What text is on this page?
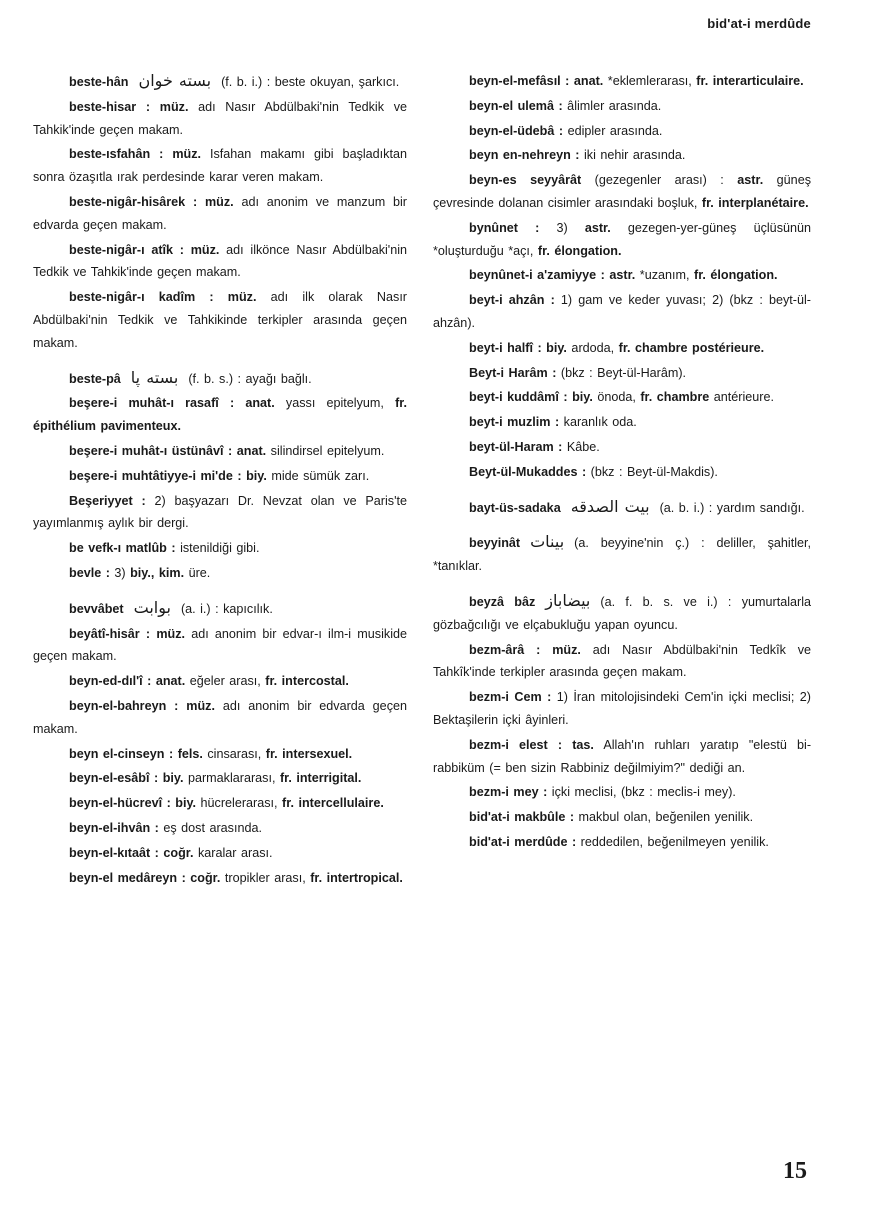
bid'at-i merdûde

beste-hân بسته خوان (f. b. i.) : beste okuyan, şarkıcı.

beste-hisar : müz. adı Nasır Abdülbaki'nin Tedkik ve Tahkik'inde geçen makam.

beste-ısfahân : müz. Isfahan makamı gibi başladıktan sonra özaşıtla ırak perdesinde karar veren makam.

beste-nigâr-hisârek : müz. adı anonim ve manzum bir edvarda geçen makam.

beste-nigâr-ı atîk : müz. adı ilkönce Nasır Abdülbaki'nin Tedkik ve Tahkik'inde geçen makam.

beste-nigâr-ı kadîm : müz. adı ilk olarak Nasır Abdülbaki'nin Tedkik ve Tahkikinde terkipler arasında geçen makam.

beste-pâ بسته پا (f. b. s.) : ayağı bağlı.

beşere-i muhât-ı rasafî : anat. yassı epitelyum, fr. épithélium pavimenteux.

beşere-i muhât-ı üstünâvî : anat. silindirsel epitelyum.

beşere-i muhtâtiyye-i mi'de : biy. mide sümük zarı.

Beşeriyyet : 2) başyazarı Dr. Nevzat olan ve Paris'te yayımlanmış aylık bir dergi.

be vefk-ı matlûb : istenildiği gibi.

bevle : 3) biy., kim. üre.

bevvâbet بوابت (a. i.) : kapıcılık.

beyâtî-hisâr : müz. adı anonim bir edvar-ı ilm-i musikide geçen makam.

beyn-ed-dıl'î : anat. eğeler arası, fr. intercostal.

beyn-el-bahreyn : müz. adı anonim bir edvarda geçen makam.

beyn el-cinseyn : fels. cinsarası, fr. intersexuel.

beyn-el-esâbî : biy. parmaklararası, fr. interrigital.

beyn-el-hücrevî : biy. hücrelerarası, fr. intercellulaire.

beyn-el-ihvân : eş dost arasında.

beyn-el-kıtaât : coğr. karalar arası.

beyn-el medâreyn : coğr. tropikler arası, fr. intertropical.

beyn-el-mefâsıl : anat. *eklemlerarası, fr. interarticulaire.

beyn-el ulemâ : âlimler arasında.

beyn-el-üdebâ : edipler arasında.

beyn en-nehreyn : iki nehir arasında.

beyn-es seyyârât (gezegenler arası) : astr. güneş çevresinde dolanan cisimler arasındaki boşluk, fr. interplanétaire.

bynûnet : 3) astr. gezegen-yer-güneş üçlüsünün *oluşturduğu *açı, fr. élongation.

beynûnet-i a'zamiyye : astr. *uzanım, fr. élongation.

beyt-i ahzân : 1) gam ve keder yuvası; 2) (bkz : beyt-ül-ahzân).

beyt-i halfî : biy. ardoda, fr. chambre postérieure.

Beyt-i Harâm : (bkz : Beyt-ül-Harâm).

beyt-i kuddâmî : biy. önoda, fr. chambre antérieure.

beyt-i muzlim : karanlık oda.

beyt-ül-Haram : Kâbe.

Beyt-ül-Mukaddes : (bkz : Beyt-ül-Makdis).

bayt-üs-sadaka بيت الصدقه (a. b. i.) : yardım sandığı.

beyyinât بينات (a. beyyine'nin ç.) : deliller, şahitler, *tanıklar.

beyzâ bâz بيضاباز (a. f. b. s. ve i.) : yumurtalarla gözbağcılığı ve elçabukluğu yapan oyuncu.

bezm-ârâ : müz. adı Nasır Abdülbaki'nin Tedkîk ve Tahkîk'inde terkipler arasında geçen makam.

bezm-i Cem : 1) İran mitolojisindeki Cem'in içki meclisi; 2) Bektaşilerin içki âyinleri.

bezm-i elest : tas. Allah'ın ruhları yaratıp "elestü bi-rabbiküm (= ben sizin Rabbiniz değilmiyim?" dediği an.

bezm-i mey : içki meclisi, (bkz : meclis-i mey).

bid'at-i makbûle : makbul olan, beğenilen yenilik.

bid'at-i merdûde : reddedilen, beğenilmeyen yenilik.

15
